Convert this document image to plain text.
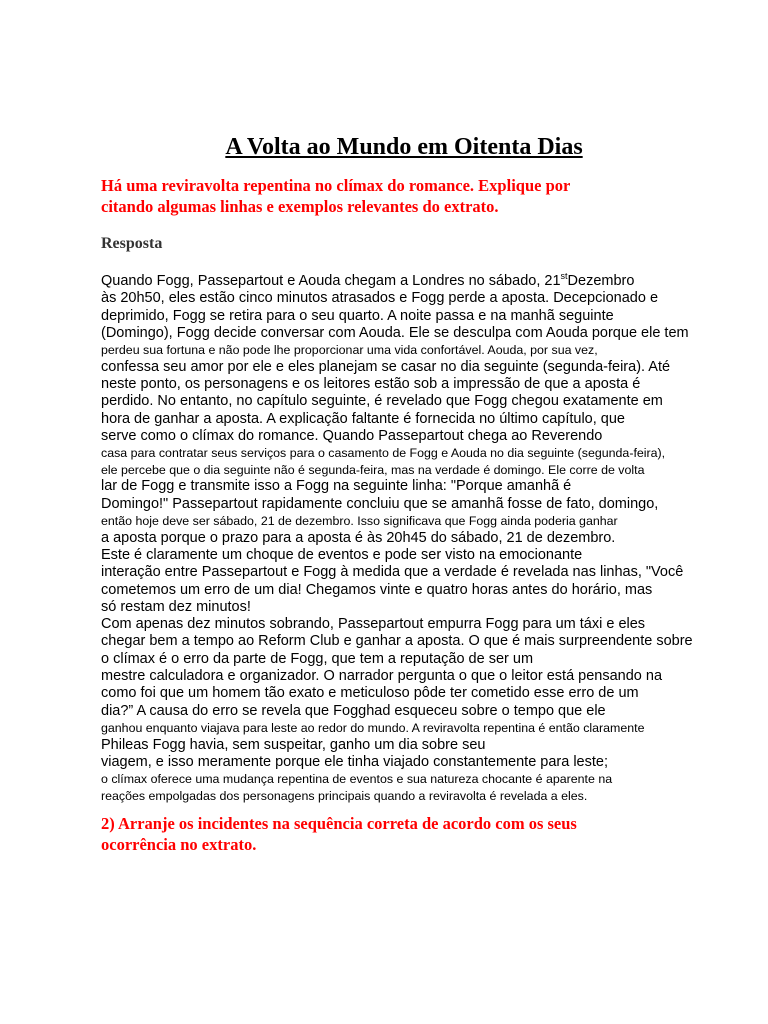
A Volta ao Mundo em Oitenta Dias
Há uma reviravolta repentina no clímax do romance. Explique por
citando algumas linhas e exemplos relevantes do extrato.
Resposta
Quando Fogg, Passepartout e Aouda chegam a Londres no sábado, 21stDezembro
às 20h50, eles estão cinco minutos atrasados e Fogg perde a aposta. Decepcionado e
deprimido, Fogg se retira para o seu quarto. A noite passa e na manhã seguinte
(Domingo), Fogg decide conversar com Aouda. Ele se desculpa com Aouda porque ele tem
perdeu sua fortuna e não pode lhe proporcionar uma vida confortável. Aouda, por sua vez,
confessa seu amor por ele e eles planejam se casar no dia seguinte (segunda-feira). Até
neste ponto, os personagens e os leitores estão sob a impressão de que a aposta é
perdido. No entanto, no capítulo seguinte, é revelado que Fogg chegou exatamente em
hora de ganhar a aposta. A explicação faltante é fornecida no último capítulo, que
serve como o clímax do romance. Quando Passepartout chega ao Reverendo
casa para contratar seus serviços para o casamento de Fogg e Aouda no dia seguinte (segunda-feira),
ele percebe que o dia seguinte não é segunda-feira, mas na verdade é domingo. Ele corre de volta
lar de Fogg e transmite isso a Fogg na seguinte linha: "Porque amanhã é
Domingo!" Passepartout rapidamente concluiu que se amanhã fosse de fato, domingo,
então hoje deve ser sábado, 21 de dezembro. Isso significava que Fogg ainda poderia ganhar
a aposta porque o prazo para a aposta é às 20h45 do sábado, 21 de dezembro.
Este é claramente um choque de eventos e pode ser visto na emocionante
interação entre Passepartout e Fogg à medida que a verdade é revelada nas linhas, "Você
cometemos um erro de um dia! Chegamos vinte e quatro horas antes do horário, mas
só restam dez minutos!
Com apenas dez minutos sobrando, Passepartout empurra Fogg para um táxi e eles
chegar bem a tempo ao Reform Club e ganhar a aposta. O que é mais surpreendente sobre
o clímax é o erro da parte de Fogg, que tem a reputação de ser um
mestre calculadora e organizador. O narrador pergunta o que o leitor está pensando na
como foi que um homem tão exato e meticuloso pôde ter cometido esse erro de um
dia?” A causa do erro se revela que Fogghad esqueceu sobre o tempo que ele
ganhou enquanto viajava para leste ao redor do mundo. A reviravolta repentina é então claramente
Phileas Fogg havia, sem suspeitar, ganho um dia sobre seu
viagem, e isso meramente porque ele tinha viajado constantemente para leste;
o clímax oferece uma mudança repentina de eventos e sua natureza chocante é aparente na
reações empolgadas dos personagens principais quando a reviravolta é revelada a eles.
2) Arranje os incidentes na sequência correta de acordo com os seus
ocorrência no extrato.
